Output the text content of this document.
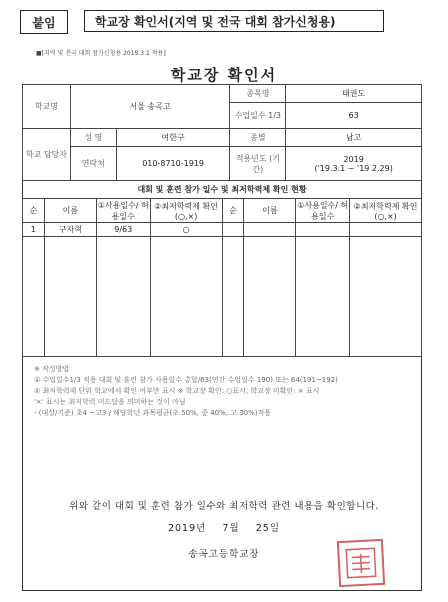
붙임	학교장 확인서(지역 및 전국 대회 참가신청용)
■[지역 및 전국 대회 참가신청용 2019.3.1 적용]
학교장 확인서
학교명	서울 송곡고		종목명	태권도
			수업일수 1/3	63
학교 담당자	성 명	여한구	종별	남고
	연락처	010-8710-1919	적용년도 (기간)	2019
('19.3.1 ~ '19 2.29)
대회 및 훈련 참가 일수 및 최저학력제 확인 현황
순	이름	①사용일수/ 허용일수	②최저학력제 확인(○,×)	순	이름	①사용일수/ 허용일수	②최저학력제 확인(○,×)
1	구자혁	9/63	○				

※ 작성방법
① 수업일수1/3 적용 대회 및 훈련 참가 사용일수 총합/63(연간 수업일수 190) 또는 64(191~192)
② 최저학력제 단위 학교에서 확인 여부만 표시 ※ 학교장 확인: ○표시, 학교장 미확인: × 표시
'×' 표시는 최저학력 미도달을 의미하는 것이 아님
- (대상/기준) 초4 ~고3 / 해당학년 과목평균(초 50%, 중 40%, 고 30%)적용
위와 같이 대회 및 훈련 참가 일수와 최저학력 관련 내용을 확인합니다.
2019년 7월 25일
송곡고등학교장
